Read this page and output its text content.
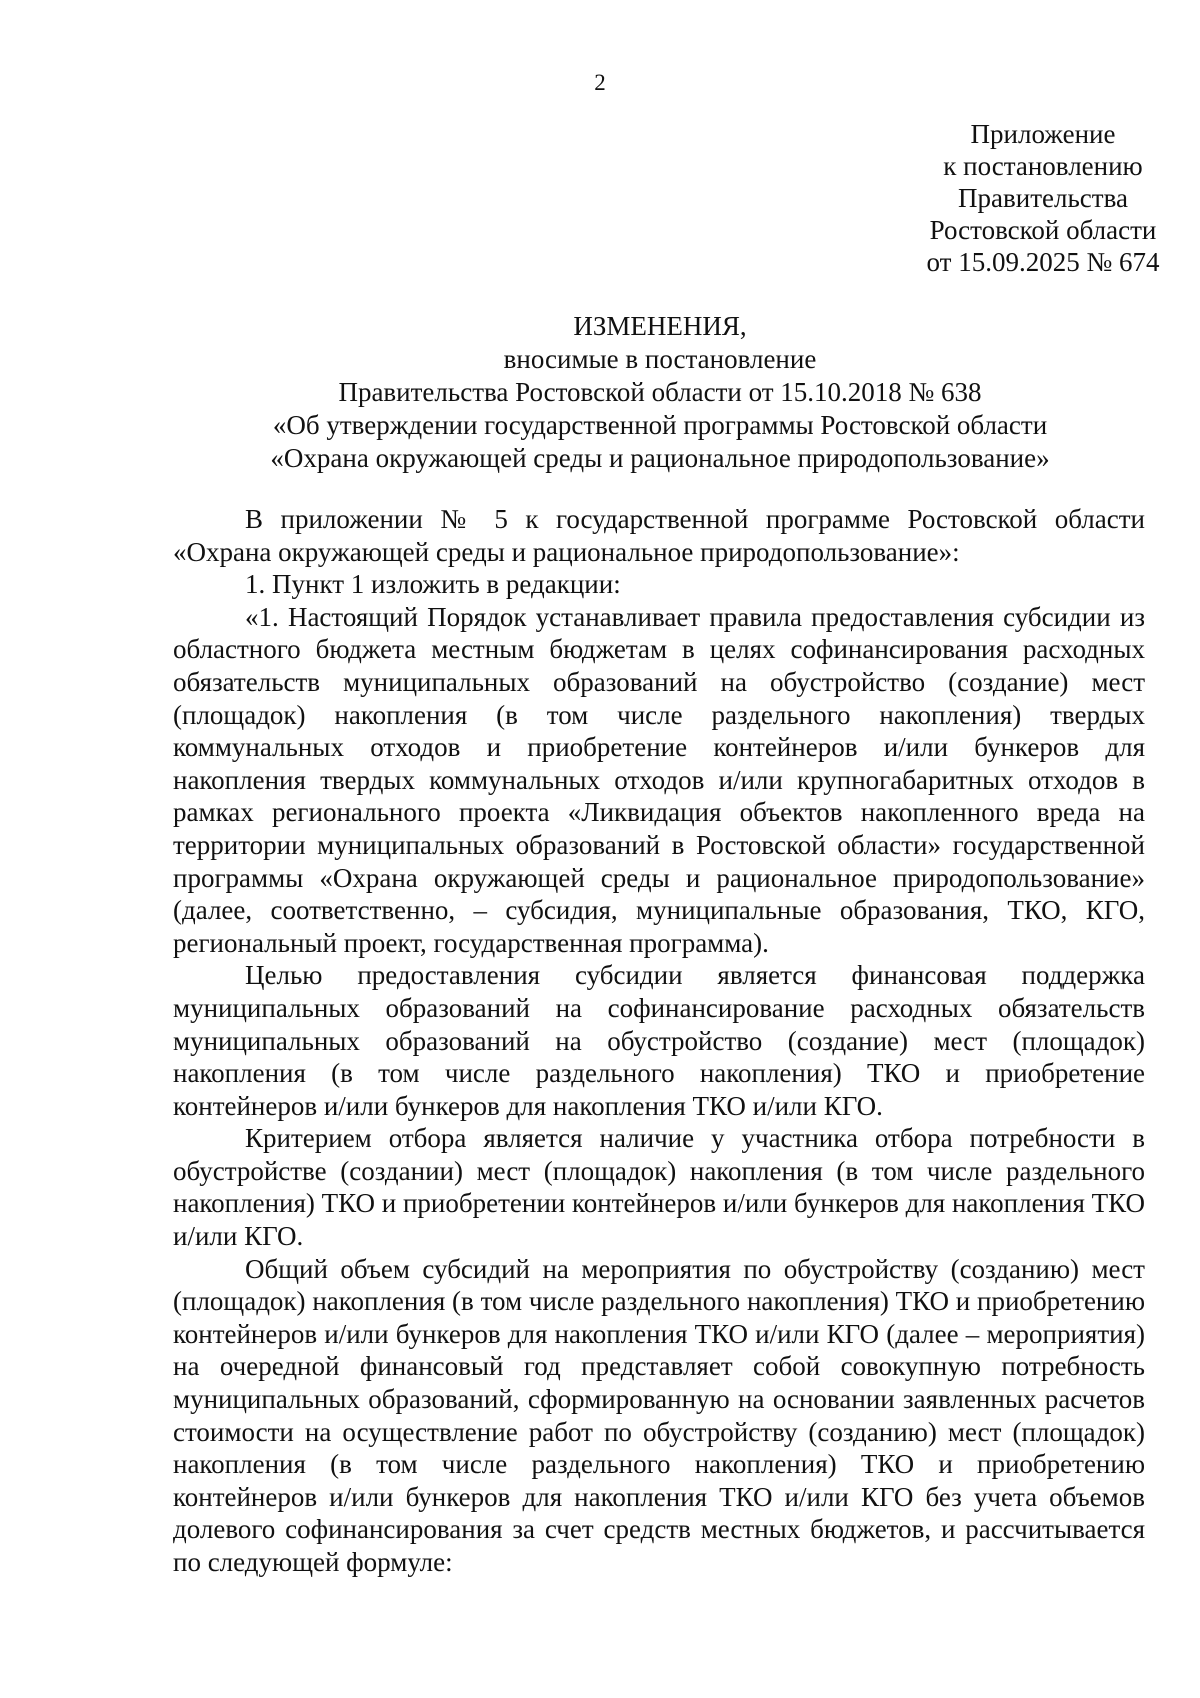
2
Приложение
к постановлению
Правительства
Ростовской области
от 15.09.2025 № 674
ИЗМЕНЕНИЯ,
вносимые в постановление
Правительства Ростовской области от 15.10.2018 № 638
«Об утверждении государственной программы Ростовской области
«Охрана окружающей среды и рациональное природопользование»

В приложении № 5 к государственной программе Ростовской области «Охрана окружающей среды и рациональное природопользование»:

1. Пункт 1 изложить в редакции:

«1. Настоящий Порядок устанавливает правила предоставления субсидии из областного бюджета местным бюджетам в целях софинансирования расходных обязательств муниципальных образований на обустройство (создание) мест (площадок) накопления (в том числе раздельного накопления) твердых коммунальных отходов и приобретение контейнеров и/или бункеров для накопления твердых коммунальных отходов и/или крупногабаритных отходов в рамках регионального проекта «Ликвидация объектов накопленного вреда на территории муниципальных образований в Ростовской области» государственной программы «Охрана окружающей среды и рациональное природопользование» (далее, соответственно, – субсидия, муниципальные образования, ТКО, КГО, региональный проект, государственная программа).

Целью предоставления субсидии является финансовая поддержка муниципальных образований на софинансирование расходных обязательств муниципальных образований на обустройство (создание) мест (площадок) накопления (в том числе раздельного накопления) ТКО и приобретение контейнеров и/или бункеров для накопления ТКО и/или КГО.

Критерием отбора является наличие у участника отбора потребности в обустройстве (создании) мест (площадок) накопления (в том числе раздельного накопления) ТКО и приобретении контейнеров и/или бункеров для накопления ТКО и/или КГО.

Общий объем субсидий на мероприятия по обустройству (созданию) мест (площадок) накопления (в том числе раздельного накопления) ТКО и приобретению контейнеров и/или бункеров для накопления ТКО и/или КГО (далее – мероприятия) на очередной финансовый год представляет собой совокупную потребность муниципальных образований, сформированную на основании заявленных расчетов стоимости на осуществление работ по обустройству (созданию) мест (площадок) накопления (в том числе раздельного накопления) ТКО и приобретению контейнеров и/или бункеров для накопления ТКО и/или КГО без учета объемов долевого софинансирования за счет средств местных бюджетов, и рассчитывается по следующей формуле:
